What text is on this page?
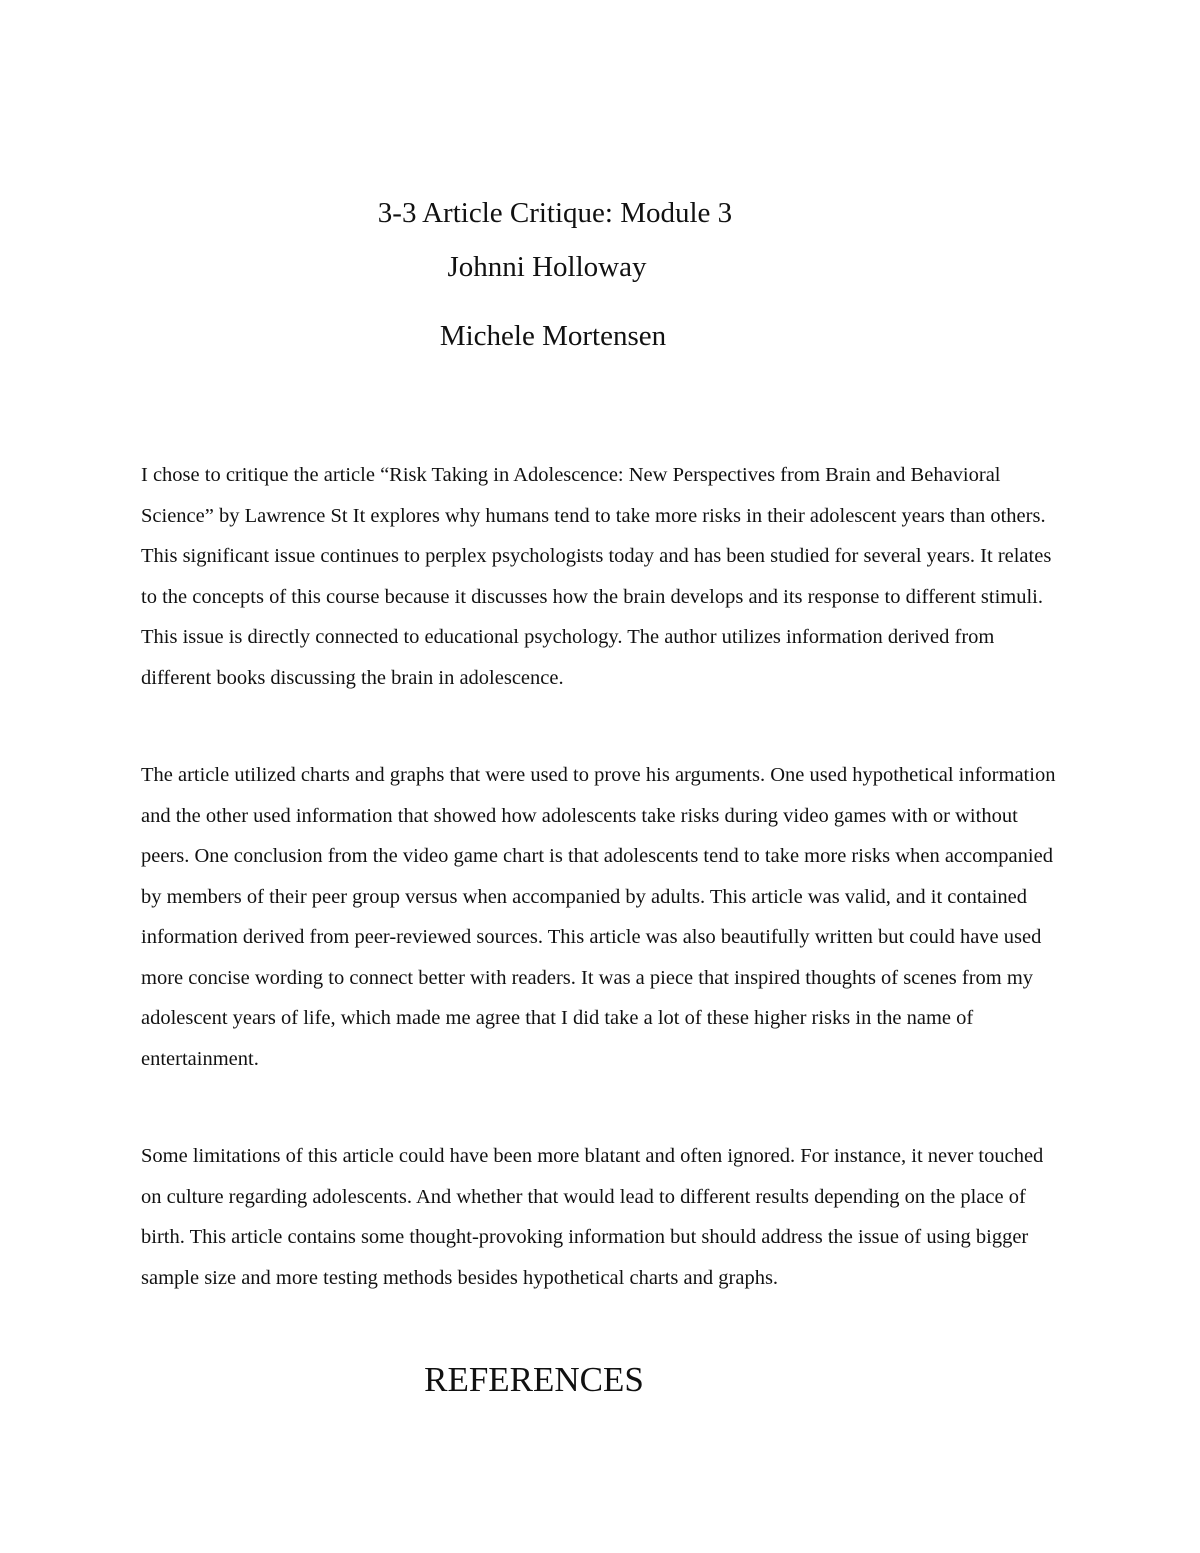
3-3 Article Critique: Module 3

Johnni Holloway

Michele Mortensen

I chose to critique the article “Risk Taking in Adolescence: New Perspectives from Brain and Behavioral Science” by Lawrence St It explores why humans tend to take more risks in their adolescent years than others. This significant issue continues to perplex psychologists today and has been studied for several years. It relates to the concepts of this course because it discusses how the brain develops and its response to different stimuli. This issue is directly connected to educational psychology. The author utilizes information derived from different books discussing the brain in adolescence.

The article utilized charts and graphs that were used to prove his arguments. One used hypothetical information and the other used information that showed how adolescents take risks during video games with or without peers. One conclusion from the video game chart is that adolescents tend to take more risks when accompanied by members of their peer group versus when accompanied by adults. This article was valid, and it contained information derived from peer-reviewed sources. This article was also beautifully written but could have used more concise wording to connect better with readers. It was a piece that inspired thoughts of scenes from my adolescent years of life, which made me agree that I did take a lot of these higher risks in the name of entertainment.

Some limitations of this article could have been more blatant and often ignored. For instance, it never touched on culture regarding adolescents. And whether that would lead to different results depending on the place of birth. This article contains some thought-provoking information but should address the issue of using bigger sample size and more testing methods besides hypothetical charts and graphs.

REFERENCES
